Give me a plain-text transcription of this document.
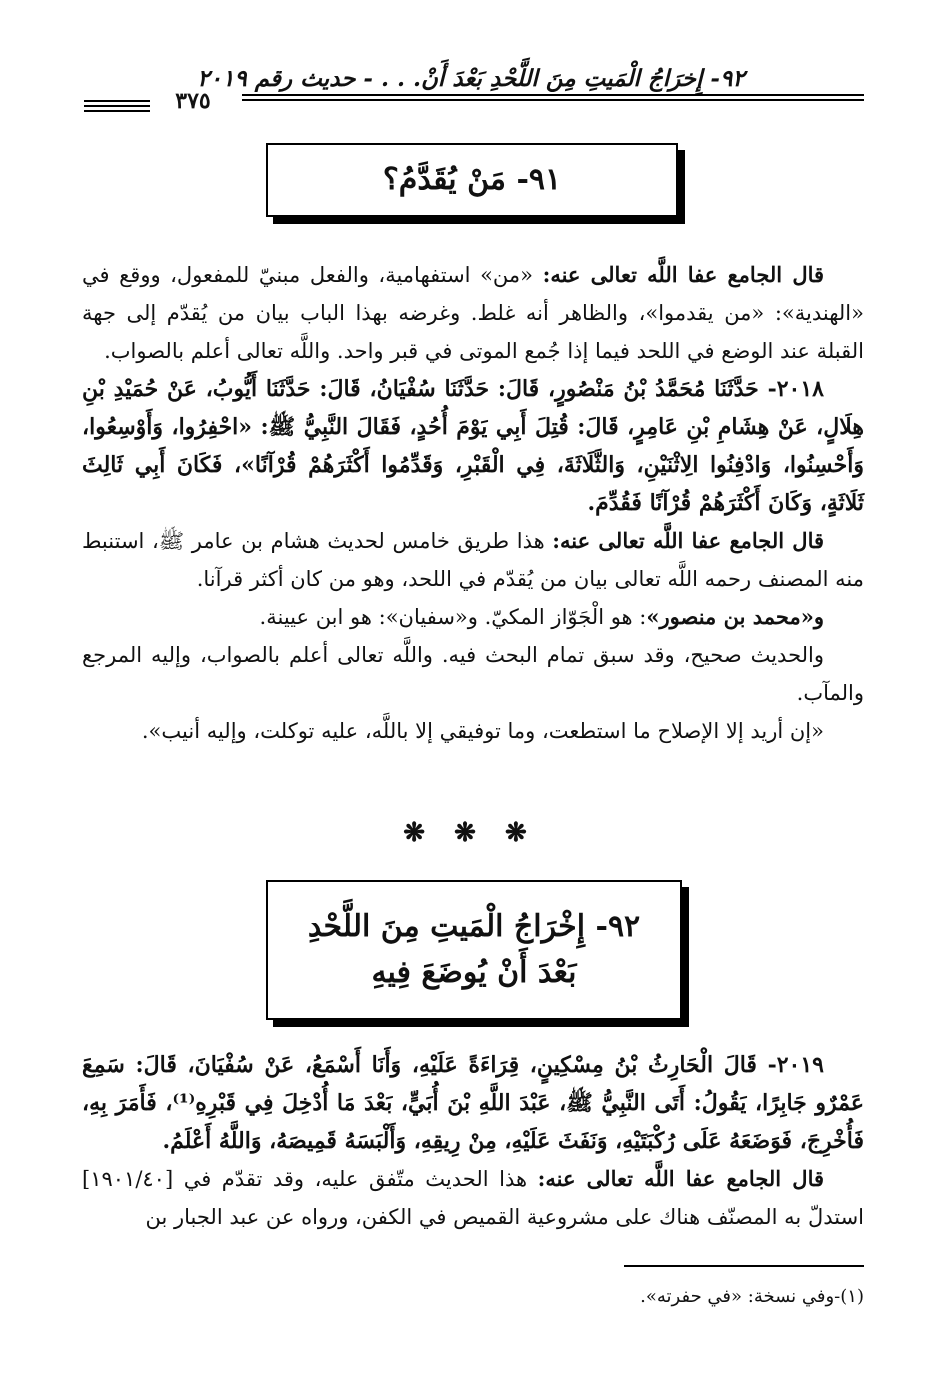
٩٢- إِخرَاجُ الْمَيتِ مِنَ اللَّحْدِ بَعْدَ أَنْ. . . - حديث رقم ٢٠١٩
٣٧٥
٩١- مَنْ يُقَدَّمُ؟

قال الجامع عفا اللَّه تعالى عنه: «من» استفهامية، والفعل مبنيّ للمفعول، ووقع في «الهندية»: «من يقدموا»، والظاهر أنه غلط. وغرضه بهذا الباب بيان من يُقدّم إلى جهة القبلة عند الوضع في اللحد فيما إذا جُمع الموتى في قبر واحد. واللَّه تعالى أعلم بالصواب.

٢٠١٨- حَدَّثَنَا مُحَمَّدُ بْنُ مَنْصُورٍ، قَالَ: حَدَّثَنَا سُفْيَانُ، قَالَ: حَدَّثَنَا أَيُّوبُ، عَنْ حُمَيْدِ بْنِ هِلَالٍ، عَنْ هِشَامِ بْنِ عَامِرٍ، قَالَ: قُتِلَ أَبِي يَوْمَ أُحُدٍ، فَقَالَ النَّبِيُّ ﷺ: «احْفِرُوا، وَأَوْسِعُوا، وَأَحْسِنُوا، وَادْفِنُوا الِاثْنَيْنِ، وَالثَّلَاثَةَ، فِي الْقَبْرِ، وَقَدِّمُوا أَكْثَرَهُمْ قُرْآنًا»، فَكَانَ أَبِي ثَالِثَ ثَلَاثَةٍ، وَكَانَ أَكْثَرَهُمْ قُرْآنًا فَقُدِّمَ.

قال الجامع عفا اللَّه تعالى عنه: هذا طريق خامس لحديث هشام بن عامر ﷺ، استنبط منه المصنف رحمه اللَّه تعالى بيان من يُقدّم في اللحد، وهو من كان أكثر قرآنا.

و«محمد بن منصور»: هو الْجَوّاز المكيّ. و«سفيان»: هو ابن عيينة.

والحديث صحيح، وقد سبق تمام البحث فيه. واللَّه تعالى أعلم بالصواب، وإليه المرجع والمآب.

«إن أريد إلا الإصلاح ما استطعت، وما توفيقي إلا باللَّه، عليه توكلت، وإليه أنيب».

❋ ❋ ❋
٩٢- إِخْرَاجُ الْمَيتِ مِنَ اللَّحْدِ بَعْدَ أَنْ يُوضَعَ فِيهِ

٢٠١٩- قَالَ الْحَارِثُ بْنُ مِسْكِينٍ، قِرَاءَةً عَلَيْهِ، وَأَنَا أَسْمَعُ، عَنْ سُفْيَانَ، قَالَ: سَمِعَ عَمْرٌو جَابِرًا، يَقُولُ: أَتَى النَّبِيُّ ﷺ، عَبْدَ اللَّهِ بْنَ أُبَيٍّ، بَعْدَ مَا أُدْخِلَ فِي قَبْرِهِ⁽¹⁾، فَأَمَرَ بِهِ، فَأُخْرِجَ، فَوَضَعَهُ عَلَى رُكْبَتَيْهِ، وَنَفَثَ عَلَيْهِ، مِنْ رِيقِهِ، وَأَلْبَسَهُ قَمِيصَهُ، وَاللَّهُ أَعْلَمُ.

قال الجامع عفا اللَّه تعالى عنه: هذا الحديث متّفق عليه، وقد تقدّم في [١٩٠١/٤٠] استدلّ به المصنّف هناك على مشروعية القميص في الكفن، ورواه عن عبد الجبار بن

(١)-وفي نسخة: «في حفرته».
